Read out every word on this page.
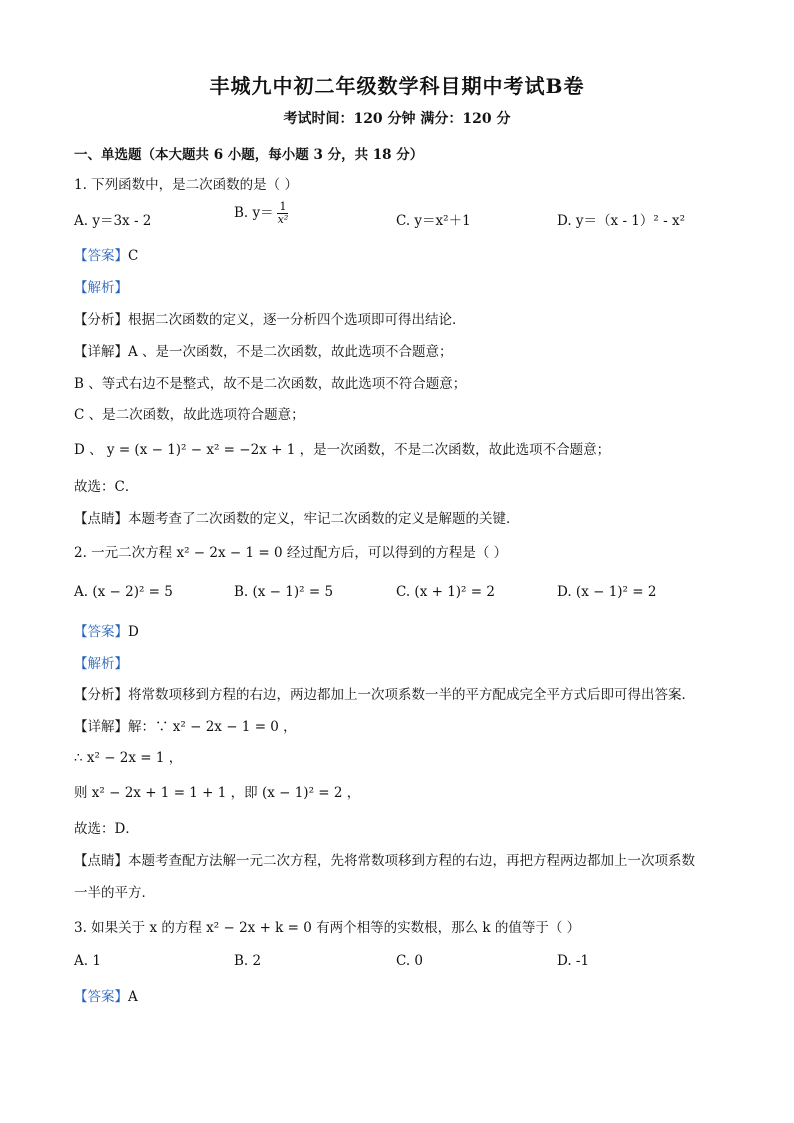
丰城九中初二年级数学科目期中考试B卷
考试时间：120 分钟 满分：120 分
一、单选题（本大题共 6 小题，每小题 3 分，共 18 分）
1. 下列函数中，是二次函数的是（ ）
A. y＝3x - 2	B. $y= \frac{1}{\text{x²}}$	C. y＝x²＋1	D. y＝（x - 1）² - x²
【答案】C
【解析】
【分析】根据二次函数的定义，逐一分析四个选项即可得出结论．
【详解】A 、是一次函数，不是二次函数，故此选项不合题意；
B 、等式右边不是整式，故不是二次函数，故此选项不符合题意；
C 、是二次函数，故此选项符合题意；
D 、 y = (x − 1)² − x² = −2x + 1 ，是一次函数，不是二次函数，故此选项不合题意；
故选：C．
【点睛】本题考查了二次函数的定义，牢记二次函数的定义是解题的关键．
2. 一元二次方程 x² − 2x − 1 = 0 经过配方后，可以得到的方程是（ ）
A. (x − 2)² = 5	B. (x − 1)² = 5	C. (x + 1)² = 2	D. (x − 1)² = 2
【答案】D
【解析】
【分析】将常数项移到方程的右边，两边都加上一次项系数一半的平方配成完全平方式后即可得出答案．
【详解】解：∵ x² − 2x − 1 = 0 ，
∴ x² − 2x = 1 ，
则 x² − 2x + 1 = 1 + 1 ，即 (x − 1)² = 2 ，
故选：D．
【点睛】本题考查配方法解一元二次方程，先将常数项移到方程的右边，再把方程两边都加上一次项系数
一半的平方．
3. 如果关于 x 的方程 x² − 2x + k = 0 有两个相等的实数根，那么 k 的值等于（ ）
A. 1	B. 2	C. 0	D. -1
【答案】A
